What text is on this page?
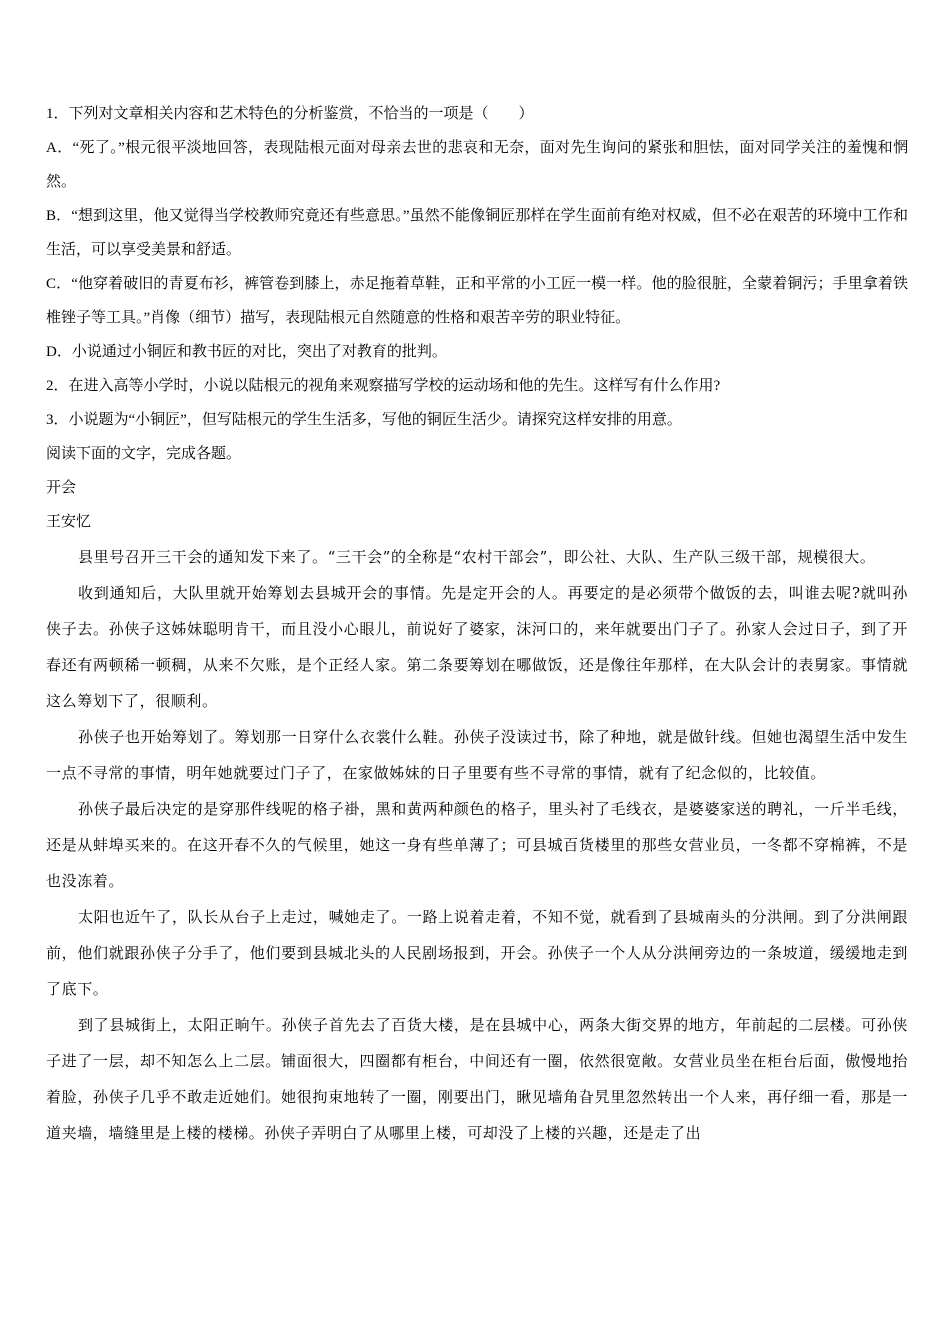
1．下列对文章相关内容和艺术特色的分析鉴赏，不恰当的一项是（　　）

A．“死了。”根元很平淡地回答，表现陆根元面对母亲去世的悲哀和无奈，面对先生询问的紧张和胆怯，面对同学关注的羞愧和惘然。

B．“想到这里，他又觉得当学校教师究竟还有些意思。”虽然不能像铜匠那样在学生面前有绝对权威，但不必在艰苦的环境中工作和生活，可以享受美景和舒适。

C．“他穿着破旧的青夏布衫，裤管卷到膝上，赤足拖着草鞋，正和平常的小工匠一模一样。他的脸很脏，全蒙着铜污；手里拿着铁椎锉子等工具。”肖像（细节）描写，表现陆根元自然随意的性格和艰苦辛劳的职业特征。

D．小说通过小铜匠和教书匠的对比，突出了对教育的批判。

2．在进入高等小学时，小说以陆根元的视角来观察描写学校的运动场和他的先生。这样写有什么作用?

3．小说题为“小铜匠”，但写陆根元的学生生活多，写他的铜匠生活少。请探究这样安排的用意。

阅读下面的文字，完成各题。

开会

王安忆

县里号召开三干会的通知发下来了。“三干会”的全称是“农村干部会”，即公社、大队、生产队三级干部，规模很大。

收到通知后，大队里就开始筹划去县城开会的事情。先是定开会的人。再要定的是必须带个做饭的去，叫谁去呢?就叫孙侠子去。孙侠子这姊妹聪明肯干，而且没小心眼儿，前说好了婆家，沫河口的，来年就要出门子了。孙家人会过日子，到了开春还有两顿稀一顿稠，从来不欠账，是个正经人家。第二条要筹划在哪做饭，还是像往年那样，在大队会计的表舅家。事情就这么筹划下了，很顺利。

孙侠子也开始筹划了。筹划那一日穿什么衣裳什么鞋。孙侠子没读过书，除了种地，就是做针线。但她也渴望生活中发生一点不寻常的事情，明年她就要过门子了，在家做姊妹的日子里要有些不寻常的事情，就有了纪念似的，比较值。

孙侠子最后决定的是穿那件线呢的格子褂，黑和黄两种颜色的格子，里头衬了毛线衣，是婆婆家送的聘礼，一斤半毛线，还是从蚌埠买来的。在这开春不久的气候里，她这一身有些单薄了；可县城百货楼里的那些女营业员，一冬都不穿棉裤，不是也没冻着。

太阳也近午了，队长从台子上走过，喊她走了。一路上说着走着，不知不觉，就看到了县城南头的分洪闸。到了分洪闸跟前，他们就跟孙侠子分手了，他们要到县城北头的人民剧场报到，开会。孙侠子一个人从分洪闸旁边的一条坡道，缓缓地走到了底下。

到了县城街上，太阳正晌午。孙侠子首先去了百货大楼，是在县城中心，两条大街交界的地方，年前起的二层楼。可孙侠子进了一层，却不知怎么上二层。铺面很大，四圈都有柜台，中间还有一圈，依然很宽敞。女营业员坐在柜台后面，傲慢地抬着脸，孙侠子几乎不敢走近她们。她很拘束地转了一圈，刚要出门，瞅见墙角旮旯里忽然转出一个人来，再仔细一看，那是一道夹墙，墙缝里是上楼的楼梯。孙侠子弄明白了从哪里上楼，可却没了上楼的兴趣，还是走了出
